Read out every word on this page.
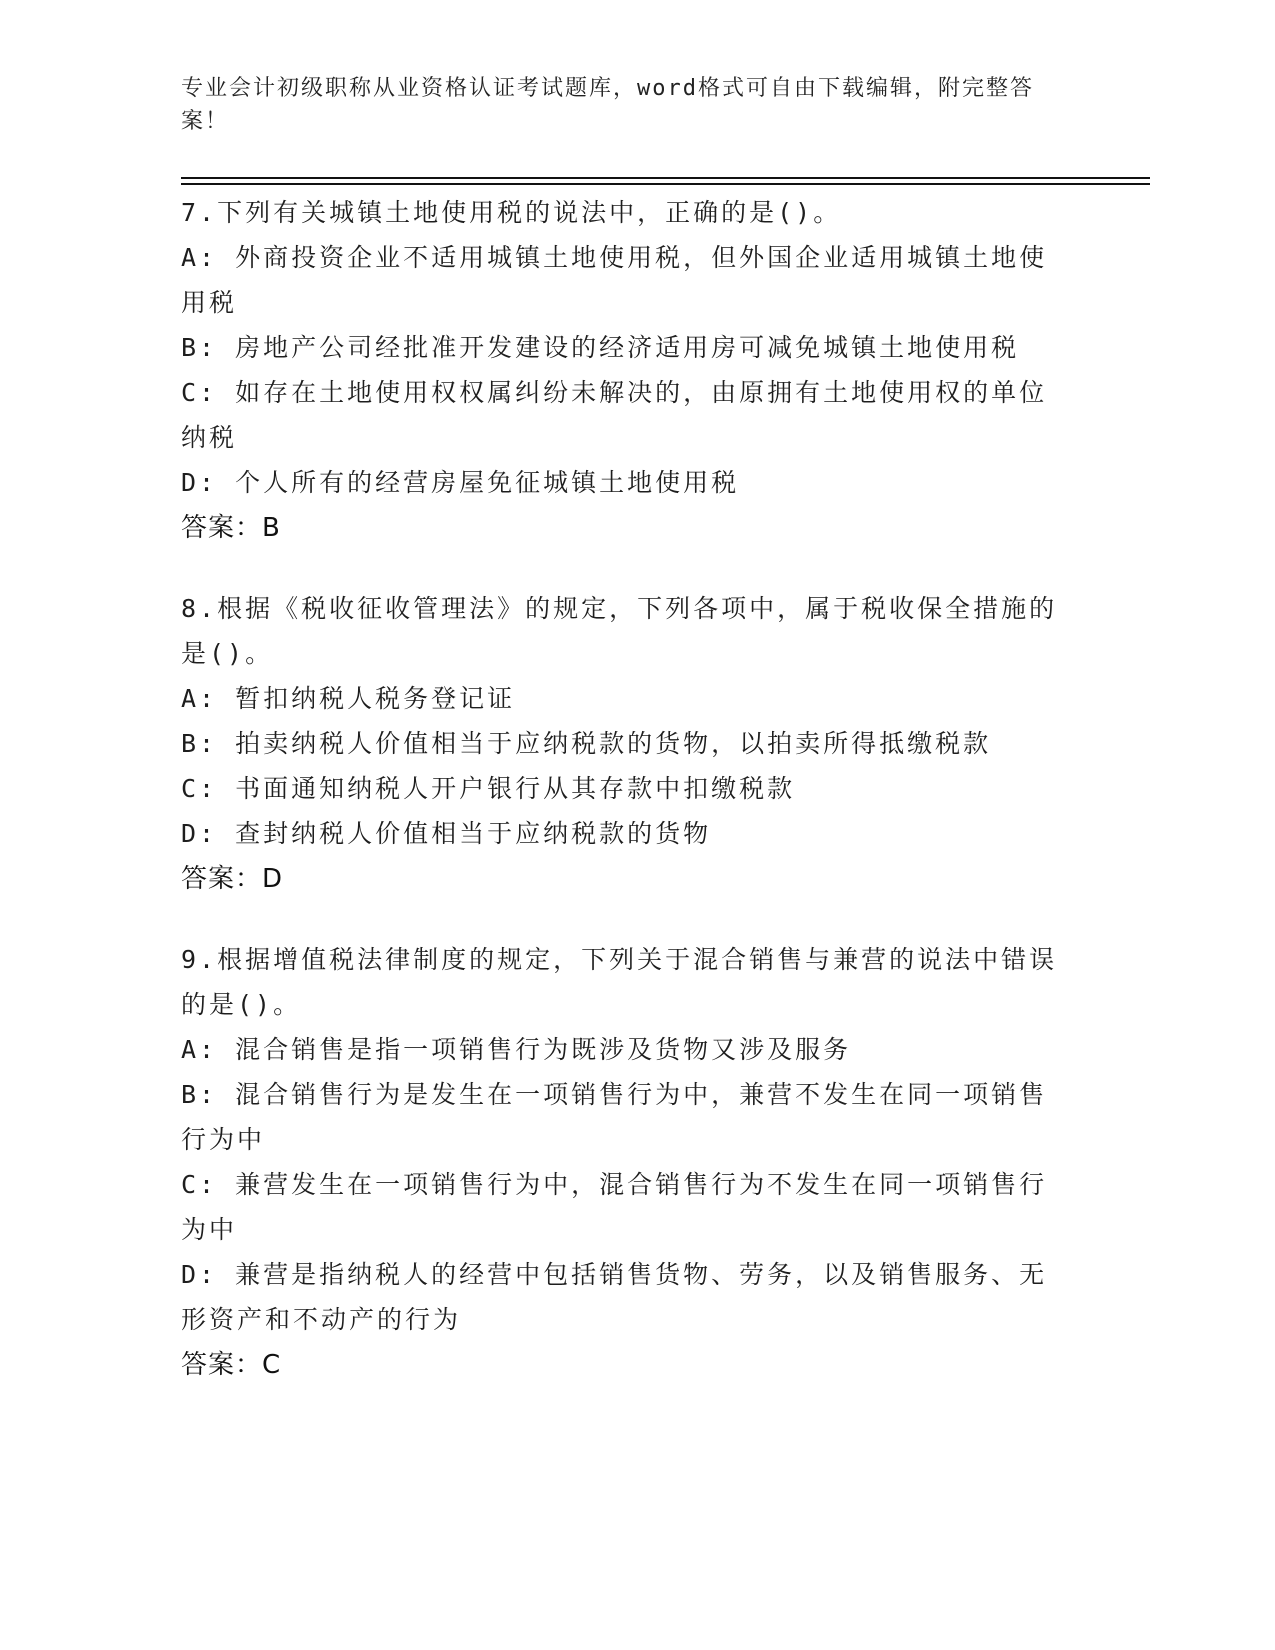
专业会计初级职称从业资格认证考试题库，word格式可自由下载编辑，附完整答案！

7.下列有关城镇土地使用税的说法中，正确的是()。

A: 外商投资企业不适用城镇土地使用税，但外国企业适用城镇土地使用税

B: 房地产公司经批准开发建设的经济适用房可减免城镇土地使用税

C: 如存在土地使用权权属纠纷未解决的，由原拥有土地使用权的单位纳税

D: 个人所有的经营房屋免征城镇土地使用税

答案：B

8.根据《税收征收管理法》的规定，下列各项中，属于税收保全措施的是()。

A: 暂扣纳税人税务登记证

B: 拍卖纳税人价值相当于应纳税款的货物，以拍卖所得抵缴税款

C: 书面通知纳税人开户银行从其存款中扣缴税款

D: 查封纳税人价值相当于应纳税款的货物

答案：D

9.根据增值税法律制度的规定，下列关于混合销售与兼营的说法中错误的是()。

A: 混合销售是指一项销售行为既涉及货物又涉及服务

B: 混合销售行为是发生在一项销售行为中，兼营不发生在同一项销售行为中

C: 兼营发生在一项销售行为中，混合销售行为不发生在同一项销售行为中

D: 兼营是指纳税人的经营中包括销售货物、劳务，以及销售服务、无形资产和不动产的行为

答案：C
